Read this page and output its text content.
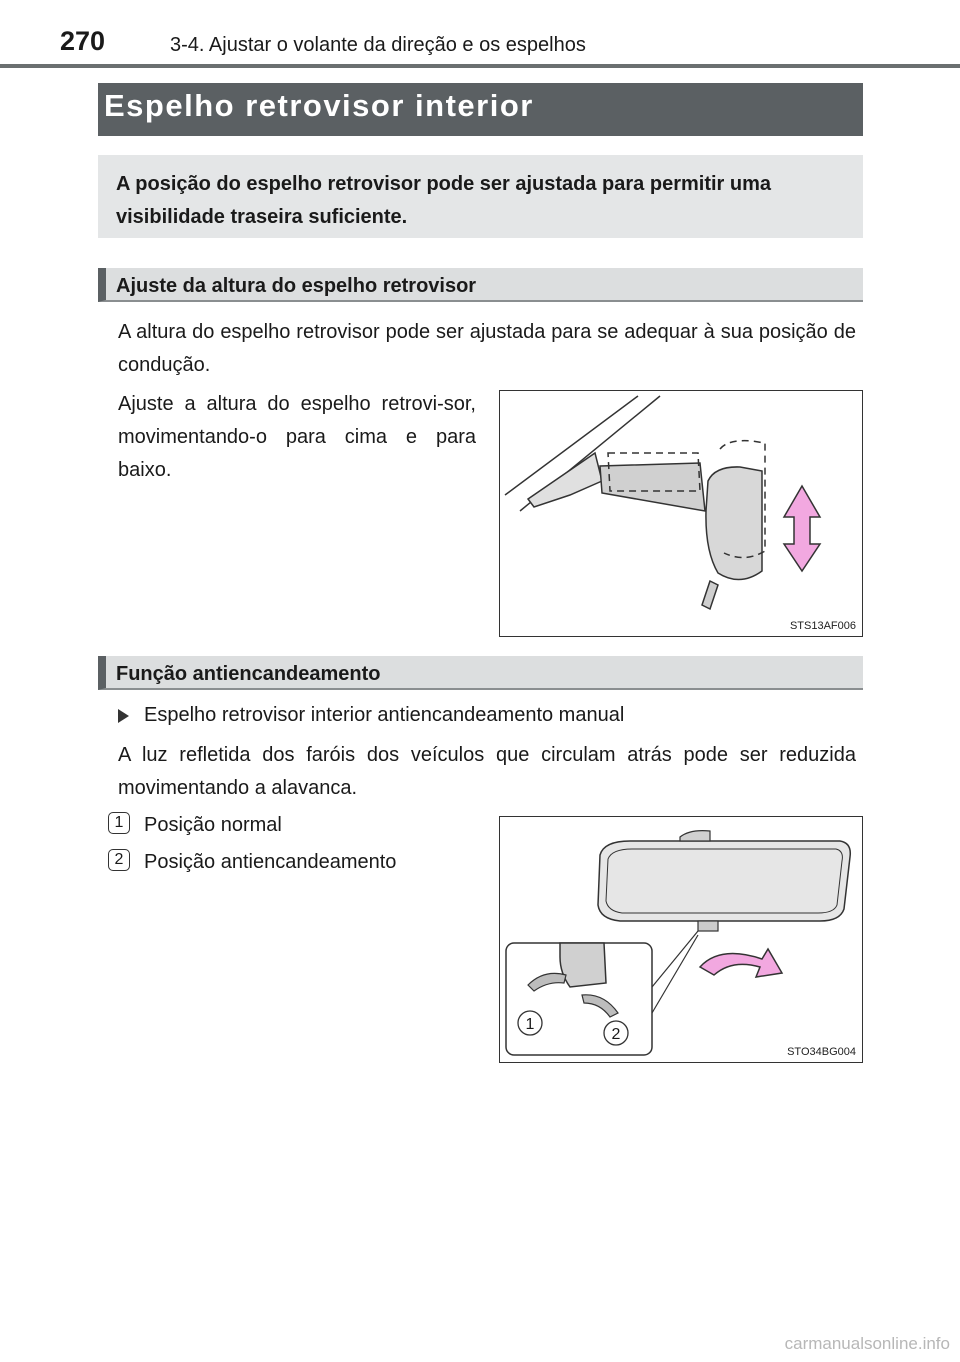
270	3-4. Ajustar o volante da direção e os espelhos
Espelho retrovisor interior
A posição do espelho retrovisor pode ser ajustada para permitir uma visibilidade traseira suficiente.
Ajuste da altura do espelho retrovisor
A altura do espelho retrovisor pode ser ajustada para se adequar à sua posição de condução.
Ajuste a altura do espelho retrovi-sor, movimentando-o para cima e para baixo.
STS13AF006
Função antiencandeamento
Espelho retrovisor interior antiencandeamento manual
A luz refletida dos faróis dos veículos que circulam atrás pode ser reduzida movimentando a alavanca.
1	Posição normal
2	Posição antiencandeamento
1
2
STO34BG004
carmanualsonline.info
